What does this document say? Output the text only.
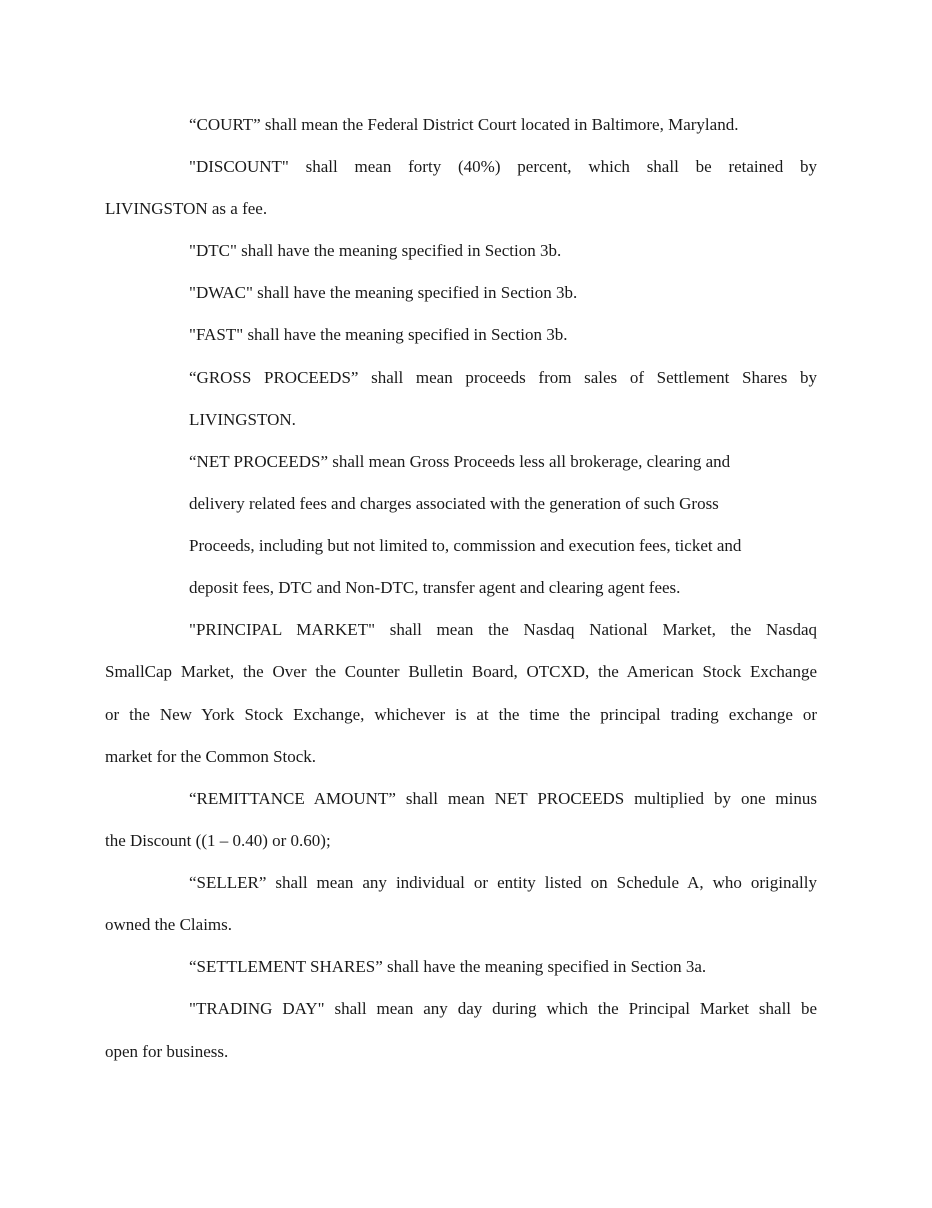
“COURT” shall mean the Federal District Court located in Baltimore, Maryland.
"DISCOUNT" shall mean forty (40%) percent, which shall be retained by
LIVINGSTON as a fee.
"DTC" shall have the meaning specified in Section 3b.
"DWAC" shall have the meaning specified in Section 3b.
"FAST" shall have the meaning specified in Section 3b.
“GROSS PROCEEDS” shall mean proceeds from sales of Settlement Shares by
LIVINGSTON.
“NET PROCEEDS” shall mean Gross Proceeds less all brokerage, clearing and
delivery related fees and charges associated with the generation of such Gross
Proceeds, including but not limited to, commission and execution fees, ticket and
deposit fees, DTC and Non-DTC, transfer agent and clearing agent fees.
"PRINCIPAL MARKET" shall mean the Nasdaq National Market, the Nasdaq
SmallCap Market, the Over the Counter Bulletin Board, OTCXD, the American Stock Exchange
or the New York Stock Exchange, whichever is at the time the principal trading exchange or
market for the Common Stock.
“REMITTANCE AMOUNT” shall mean NET PROCEEDS multiplied by one minus
the Discount ((1 – 0.40) or 0.60);
“SELLER” shall mean any individual or entity listed on Schedule A, who originally
owned the Claims.
“SETTLEMENT SHARES” shall have the meaning specified in Section 3a.
"TRADING DAY" shall mean any day during which the Principal Market shall be
open for business.
